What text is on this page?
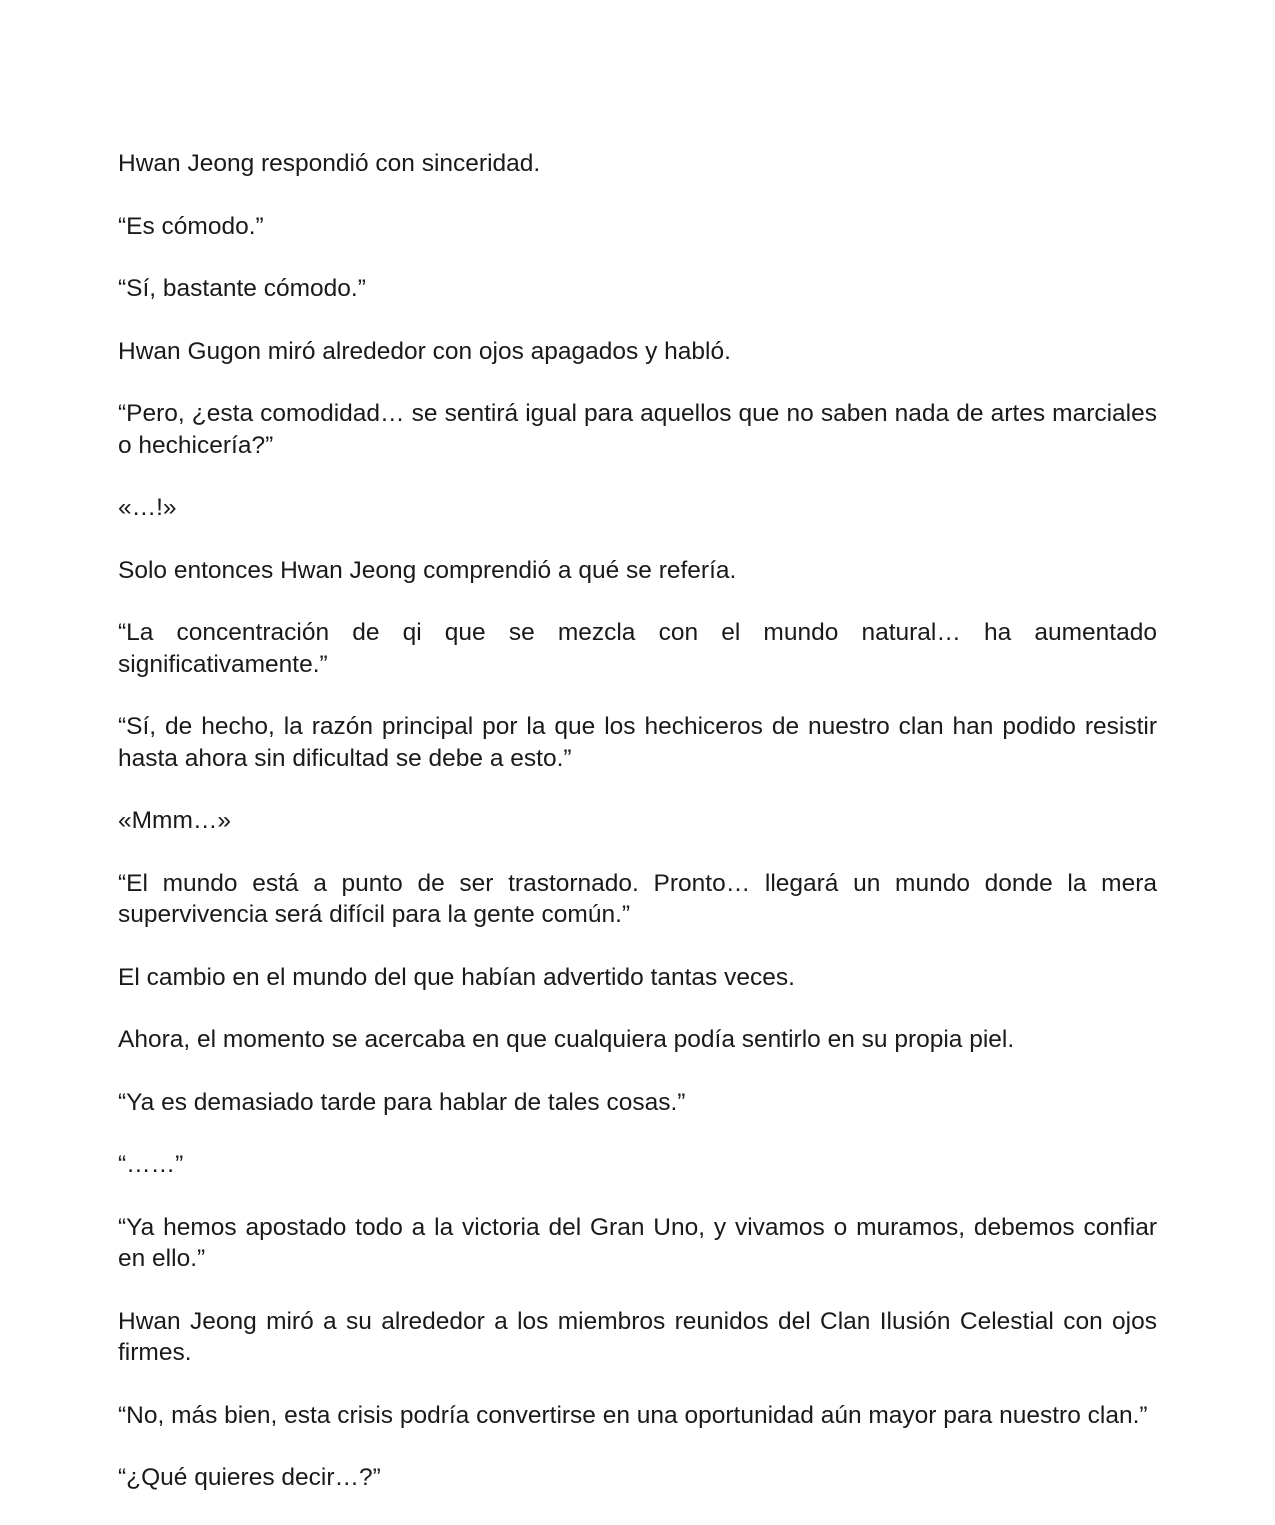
Hwan Jeong respondió con sinceridad.

“Es cómodo.”

“Sí, bastante cómodo.”

Hwan Gugon miró alrededor con ojos apagados y habló.

“Pero, ¿esta comodidad… se sentirá igual para aquellos que no saben nada de artes marciales o hechicería?”

«…!»

Solo entonces Hwan Jeong comprendió a qué se refería.

“La concentración de qi que se mezcla con el mundo natural… ha aumentado significativamente.”

“Sí, de hecho, la razón principal por la que los hechiceros de nuestro clan han podido resistir hasta ahora sin dificultad se debe a esto.”

«Mmm…»

“El mundo está a punto de ser trastornado. Pronto… llegará un mundo donde la mera supervivencia será difícil para la gente común.”

El cambio en el mundo del que habían advertido tantas veces.

Ahora, el momento se acercaba en que cualquiera podía sentirlo en su propia piel.

“Ya es demasiado tarde para hablar de tales cosas.”

“……”

“Ya hemos apostado todo a la victoria del Gran Uno, y vivamos o muramos, debemos confiar en ello.”

Hwan Jeong miró a su alrededor a los miembros reunidos del Clan Ilusión Celestial con ojos firmes.

“No, más bien, esta crisis podría convertirse en una oportunidad aún mayor para nuestro clan.”

“¿Qué quieres decir…?”
